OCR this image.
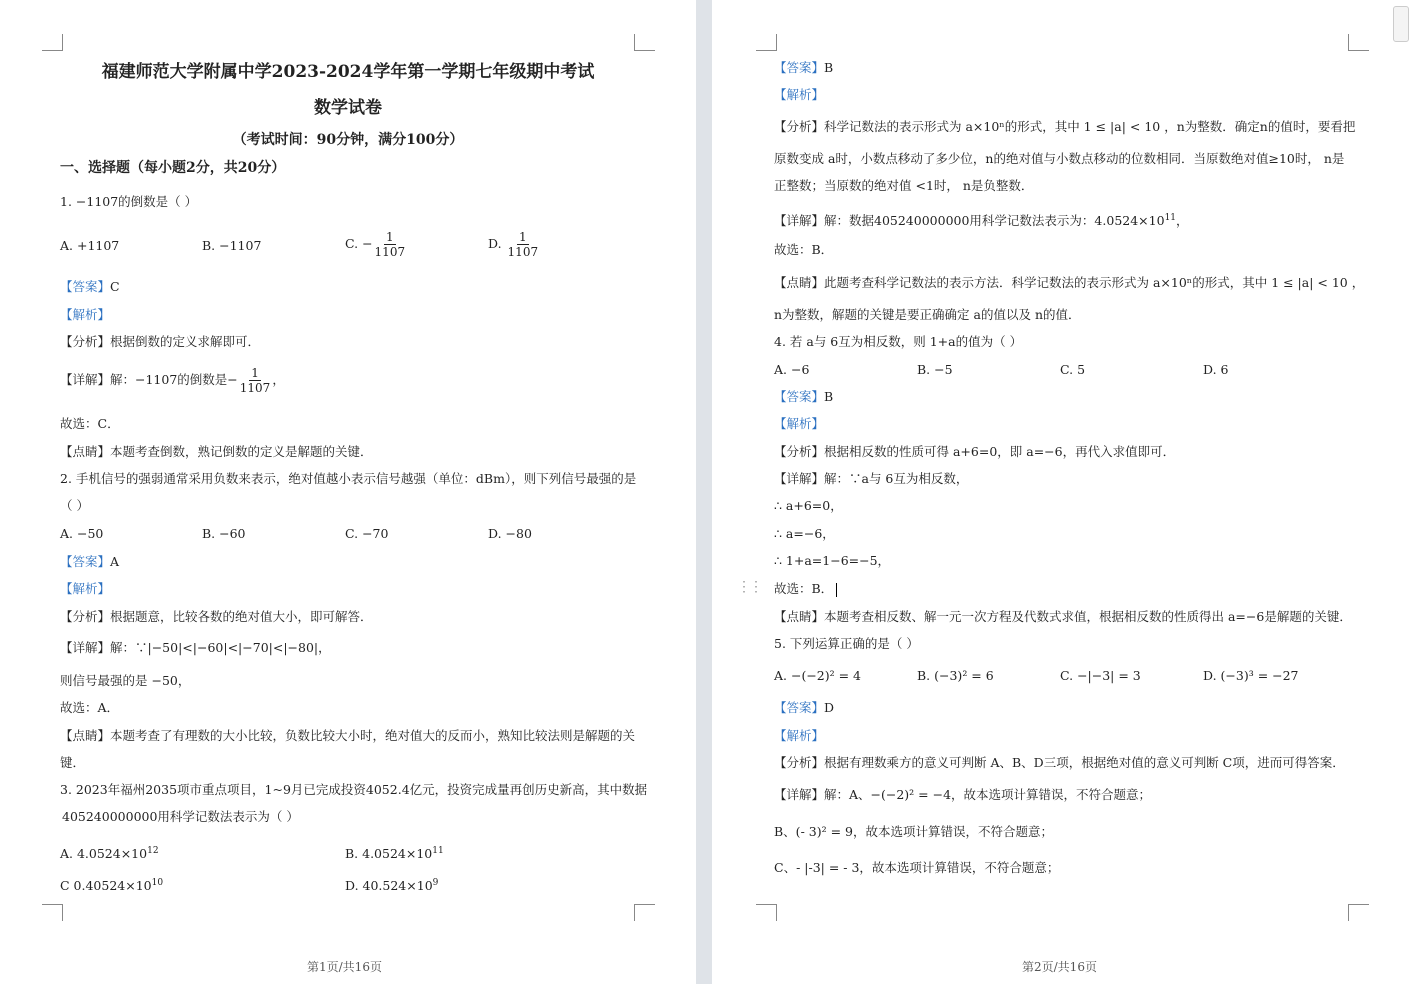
福建师范大学附属中学2023-2024学年第一学期七年级期中考试
数学试卷
（考试时间：90分钟，满分100分）
一、选择题（每小题2分，共20分）
1. −1107的倒数是（ ）
A. +1107	B. −1107	C. − $\frac{1}{1107}$	D. $\frac{1}{1107}$
【答案】C
【解析】
【分析】根据倒数的定义求解即可．
【详解】解：−1107的倒数是− $\frac{1}{1107}$ ，
故选：C．
【点睛】本题考查倒数，熟记倒数的定义是解题的关键．
2. 手机信号的强弱通常采用负数来表示，绝对值越小表示信号越强（单位：dBm），则下列信号最强的是
（ ）
A. −50	B. −60	C. −70	D. −80
【答案】A
【解析】
【分析】根据题意，比较各数的绝对值大小，即可解答．
【详解】解：∵|−50|<|−60|<|−70|<|−80|，
则信号最强的是 −50，
故选：A．
【点睛】本题考查了有理数的大小比较，负数比较大小时，绝对值大的反而小，熟知比较法则是解题的关
键．
3. 2023年福州2035项市重点项目，1~9月已完成投资4052.4亿元，投资完成量再创历史新高，其中数据
405240000000用科学记数法表示为（ ）
A. $4.0524\times 10^{12}$	B. $4.0524\times 10^{11}$
C $0.40524\times 10^{10}$	D. $40.524\times 10^9$
第1页/共16页
【答案】B
【解析】
【分析】科学记数法的表示形式为 a×10ⁿ的形式，其中 1 ≤ |a| < 10 ，n为整数．确定n的值时，要看把
原数变成 a时，小数点移动了多少位，n的绝对值与小数点移动的位数相同．当原数绝对值≥10时， n是
正整数；当原数的绝对值 <1时， n是负整数．
【详解】解：数据405240000000用科学记数法表示为：$4.0524\times 10^{11}$，
故选：B．
【点睛】此题考查科学记数法的表示方法．科学记数法的表示形式为 a×10ⁿ的形式，其中 1 ≤ |a| < 10 ，
n为整数，解题的关键是要正确确定 a的值以及 n的值．
4. 若 a与 6互为相反数，则 1+a的值为（ ）
A. −6	B. −5	C. 5	D. 6
【答案】B
【解析】
【分析】根据相反数的性质可得 a+6=0，即 a=−6，再代入求值即可．
【详解】解：∵a与 6互为相反数，
∴ a+6=0，
∴ a=−6，
∴ 1+a=1−6=−5，
故选：B．
【点睛】本题考查相反数、解一元一次方程及代数式求值，根据相反数的性质得出 a=−6是解题的关键．
5. 下列运算正确的是（ ）
A. −(−2)² = 4	B. (−3)² = 6	C. −|−3| = 3	D. (−3)³ = −27
【答案】D
【解析】
【分析】根据有理数乘方的意义可判断 A、B、D三项，根据绝对值的意义可判断 C项，进而可得答案．
【详解】解：A、−(−2)² = −4，故本选项计算错误，不符合题意；
B、(- 3)² = 9，故本选项计算错误，不符合题意；
C、- |-3| = - 3，故本选项计算错误，不符合题意；
第2页/共16页
⋮⋮
